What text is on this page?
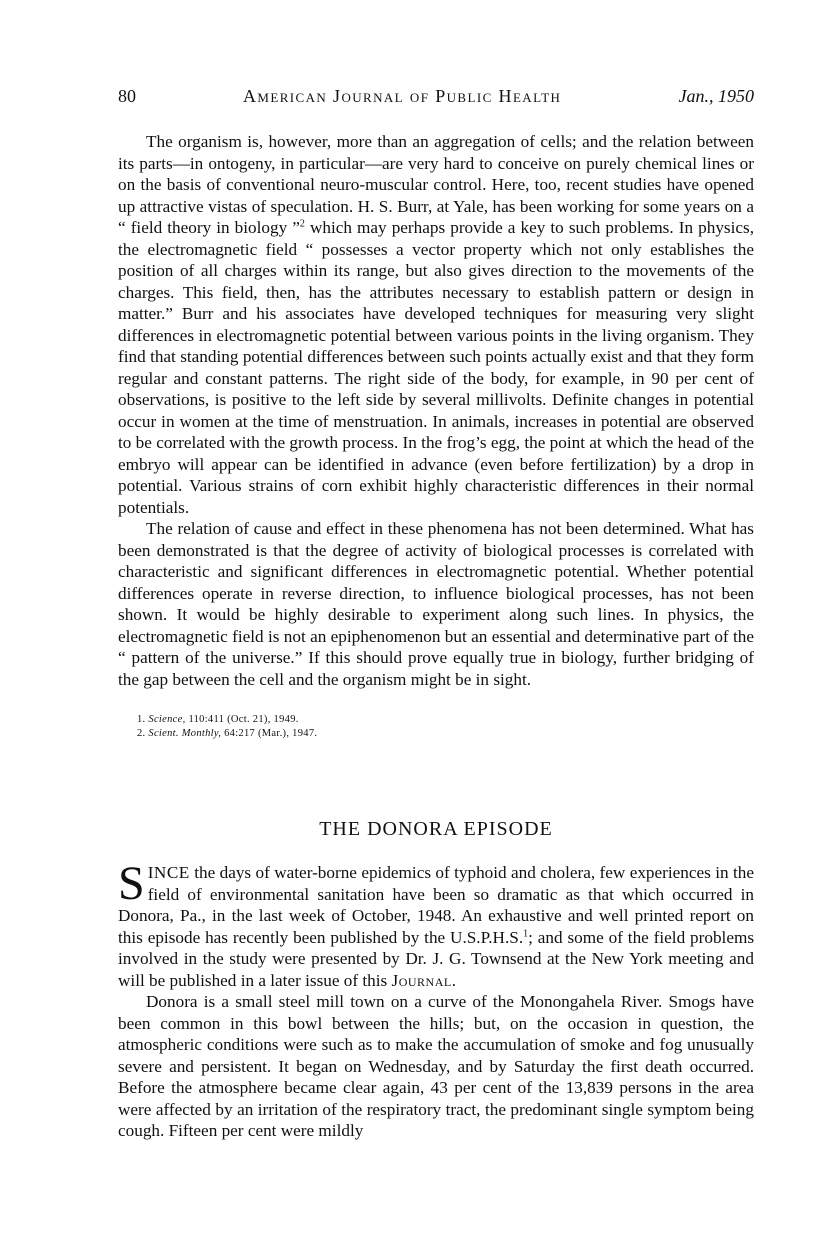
80	American Journal of Public Health	Jan., 1950

The organism is, however, more than an aggregation of cells; and the relation between its parts—in ontogeny, in particular—are very hard to conceive on purely chemical lines or on the basis of conventional neuro-muscular control. Here, too, recent studies have opened up attractive vistas of speculation. H. S. Burr, at Yale, has been working for some years on a “ field theory in biology ”$^2$ which may perhaps provide a key to such problems. In physics, the electromagnetic field “ possesses a vector property which not only establishes the position of all charges within its range, but also gives direction to the movements of the charges. This field, then, has the attributes necessary to establish pattern or design in matter.” Burr and his associates have developed techniques for measuring very slight differences in electromagnetic potential between various points in the living organism. They find that standing potential differences between such points actually exist and that they form regular and constant patterns. The right side of the body, for example, in 90 per cent of observations, is positive to the left side by several millivolts. Definite changes in potential occur in women at the time of menstruation. In animals, increases in potential are observed to be correlated with the growth process. In the frog’s egg, the point at which the head of the embryo will appear can be identified in advance (even before fertilization) by a drop in potential. Various strains of corn exhibit highly characteristic differences in their normal potentials.

The relation of cause and effect in these phenomena has not been determined. What has been demonstrated is that the degree of activity of biological processes is correlated with characteristic and significant differences in electromagnetic potential. Whether potential differences operate in reverse direction, to influence biological processes, has not been shown. It would be highly desirable to experiment along such lines. In physics, the electromagnetic field is not an epiphenomenon but an essential and determinative part of the “ pattern of the universe.” If this should prove equally true in biology, further bridging of the gap between the cell and the organism might be in sight.

1. Science, 110:411 (Oct. 21), 1949.
2. Scient. Monthly, 64:217 (Mar.), 1947.
THE DONORA EPISODE

SINCE the days of water-borne epidemics of typhoid and cholera, few experiences in the field of environmental sanitation have been so dramatic as that which occurred in Donora, Pa., in the last week of October, 1948. An exhaustive and well printed report on this episode has recently been published by the U.S.P.H.S.$^1$; and some of the field problems involved in the study were presented by Dr. J. G. Townsend at the New York meeting and will be published in a later issue of this Journal.

Donora is a small steel mill town on a curve of the Monongahela River. Smogs have been common in this bowl between the hills; but, on the occasion in question, the atmospheric conditions were such as to make the accumulation of smoke and fog unusually severe and persistent. It began on Wednesday, and by Saturday the first death occurred. Before the atmosphere became clear again, 43 per cent of the 13,839 persons in the area were affected by an irritation of the respiratory tract, the predominant single symptom being cough. Fifteen per cent were mildly
